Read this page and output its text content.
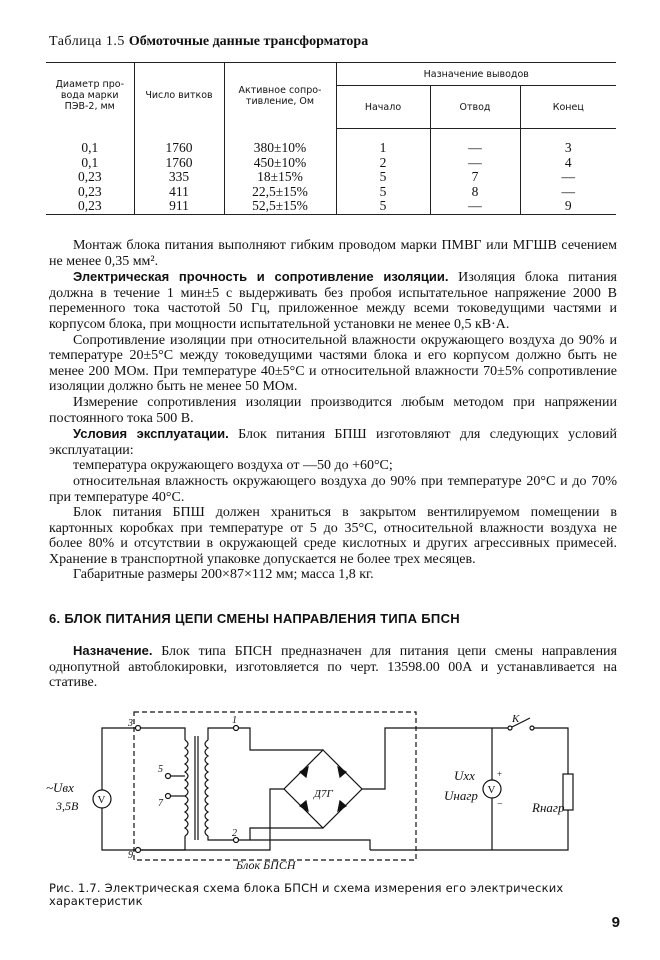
Таблица 1.5 Обмоточные данные трансформатора
Диаметр про- вода марки ПЭВ-2, мм	Число витков	Активное сопро- тивление, Ом	Назначение выводов		
			Начало	Отвод	Конец
0,1	1760	380±10%	1	—	3
0,1	1760	450±10%	2	—	4
0,23	335	18±15%	5	7	—
0,23	411	22,5±15%	5	8	—
0,23	911	52,5±15%	5	—	9

Монтаж блока питания выполняют гибким проводом марки ПМВГ или МГШВ сечением не менее 0,35 мм².

Электрическая прочность и сопротивление изоляции. Изоляция блока питания должна в течение 1 мин±5 с выдерживать без пробоя испытательное напряжение 2000 В переменного тока частотой 50 Гц, приложенное между всеми токоведущими частями и корпусом блока, при мощности испытательной установки не менее 0,5 кВ·А.

Сопротивление изоляции при относительной влажности окружающего воздуха до 90% и температуре 20±5°С между токоведущими частями блока и его корпусом должно быть не менее 200 МОм. При температуре 40±5°С и относительной влажности 70±5% сопротивление изоляции должно быть не менее 50 МОм.

Измерение сопротивления изоляции производится любым методом при напряжении постоянного тока 500 В.

Условия эксплуатации. Блок питания БПШ изготовляют для следующих условий эксплуатации:

температура окружающего воздуха от —50 до +60°С;

относительная влажность окружающего воздуха до 90% при температуре 20°С и до 70% при температуре 40°С.

Блок питания БПШ должен храниться в закрытом вентилируемом помещении в картонных коробках при температуре от 5 до 35°С, относительной влажности воздуха не более 80% и отсутствии в окружающей среде кислотных и других агрессивных примесей. Хранение в транспортной упаковке допускается не более трех месяцев.

Габаритные размеры 200×87×112 мм; масса 1,8 кг.

6. БЛОК ПИТАНИЯ ЦЕПИ СМЕНЫ НАПРАВЛЕНИЯ ТИПА БПСН

Назначение. Блок типа БПСН предназначен для питания цепи смены направления однопутной автоблокировки, изготовляется по черт. 13598.00 00А и устанавливается на стативе.

V	Д7Г
К
V
+
−
3	1
5
7
2
9
~Uвх
3,5В
Блок БПСН
Uхх
Uнагр
Rнагр
Рис. 1.7. Электрическая схема блока БПСН и схема измерения его электрических характеристик
9
